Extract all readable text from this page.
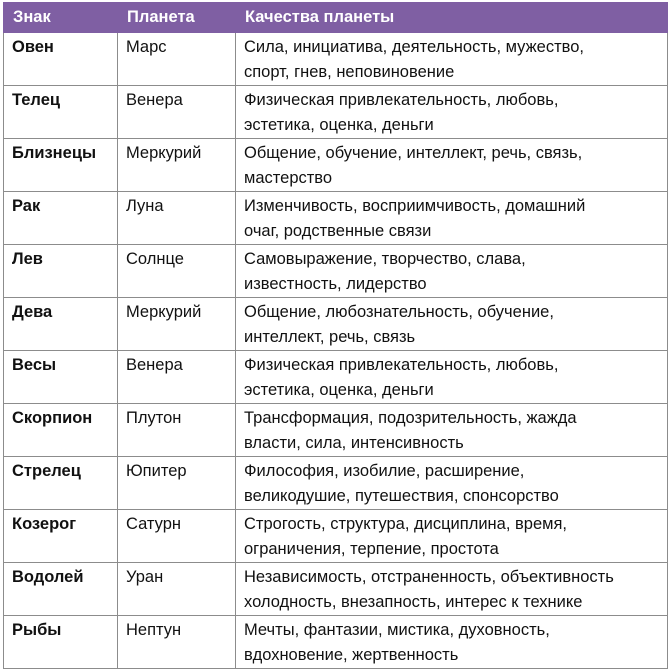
Знак	Планета	Качества планеты
Овен	Марс	Сила, инициатива, деятельность, мужество,
спорт, гнев, неповиновение

Телец	Венера	Физическая привлекательность, любовь,
эстетика, оценка, деньги

Близнецы	Меркурий	Общение, обучение, интеллект, речь, связь,
мастерство

Рак	Луна	Изменчивость, восприимчивость, домашний
очаг, родственные связи

Лев	Солнце	Самовыражение, творчество, слава,
известность, лидерство

Дева	Меркурий	Общение, любознательность, обучение,
интеллект, речь, связь

Весы	Венера	Физическая привлекательность, любовь,
эстетика, оценка, деньги

Скорпион	Плутон	Трансформация, подозрительность, жажда
власти, сила, интенсивность

Стрелец	Юпитер	Философия, изобилие, расширение,
великодушие, путешествия, спонсорство

Козерог	Сатурн	Строгость, структура, дисциплина, время,
ограничения, терпение, простота

Водолей	Уран	Независимость, отстраненность, объективность
холодность, внезапность, интерес к технике

Рыбы	Нептун	Мечты, фантазии, мистика, духовность,
вдохновение, жертвенность
